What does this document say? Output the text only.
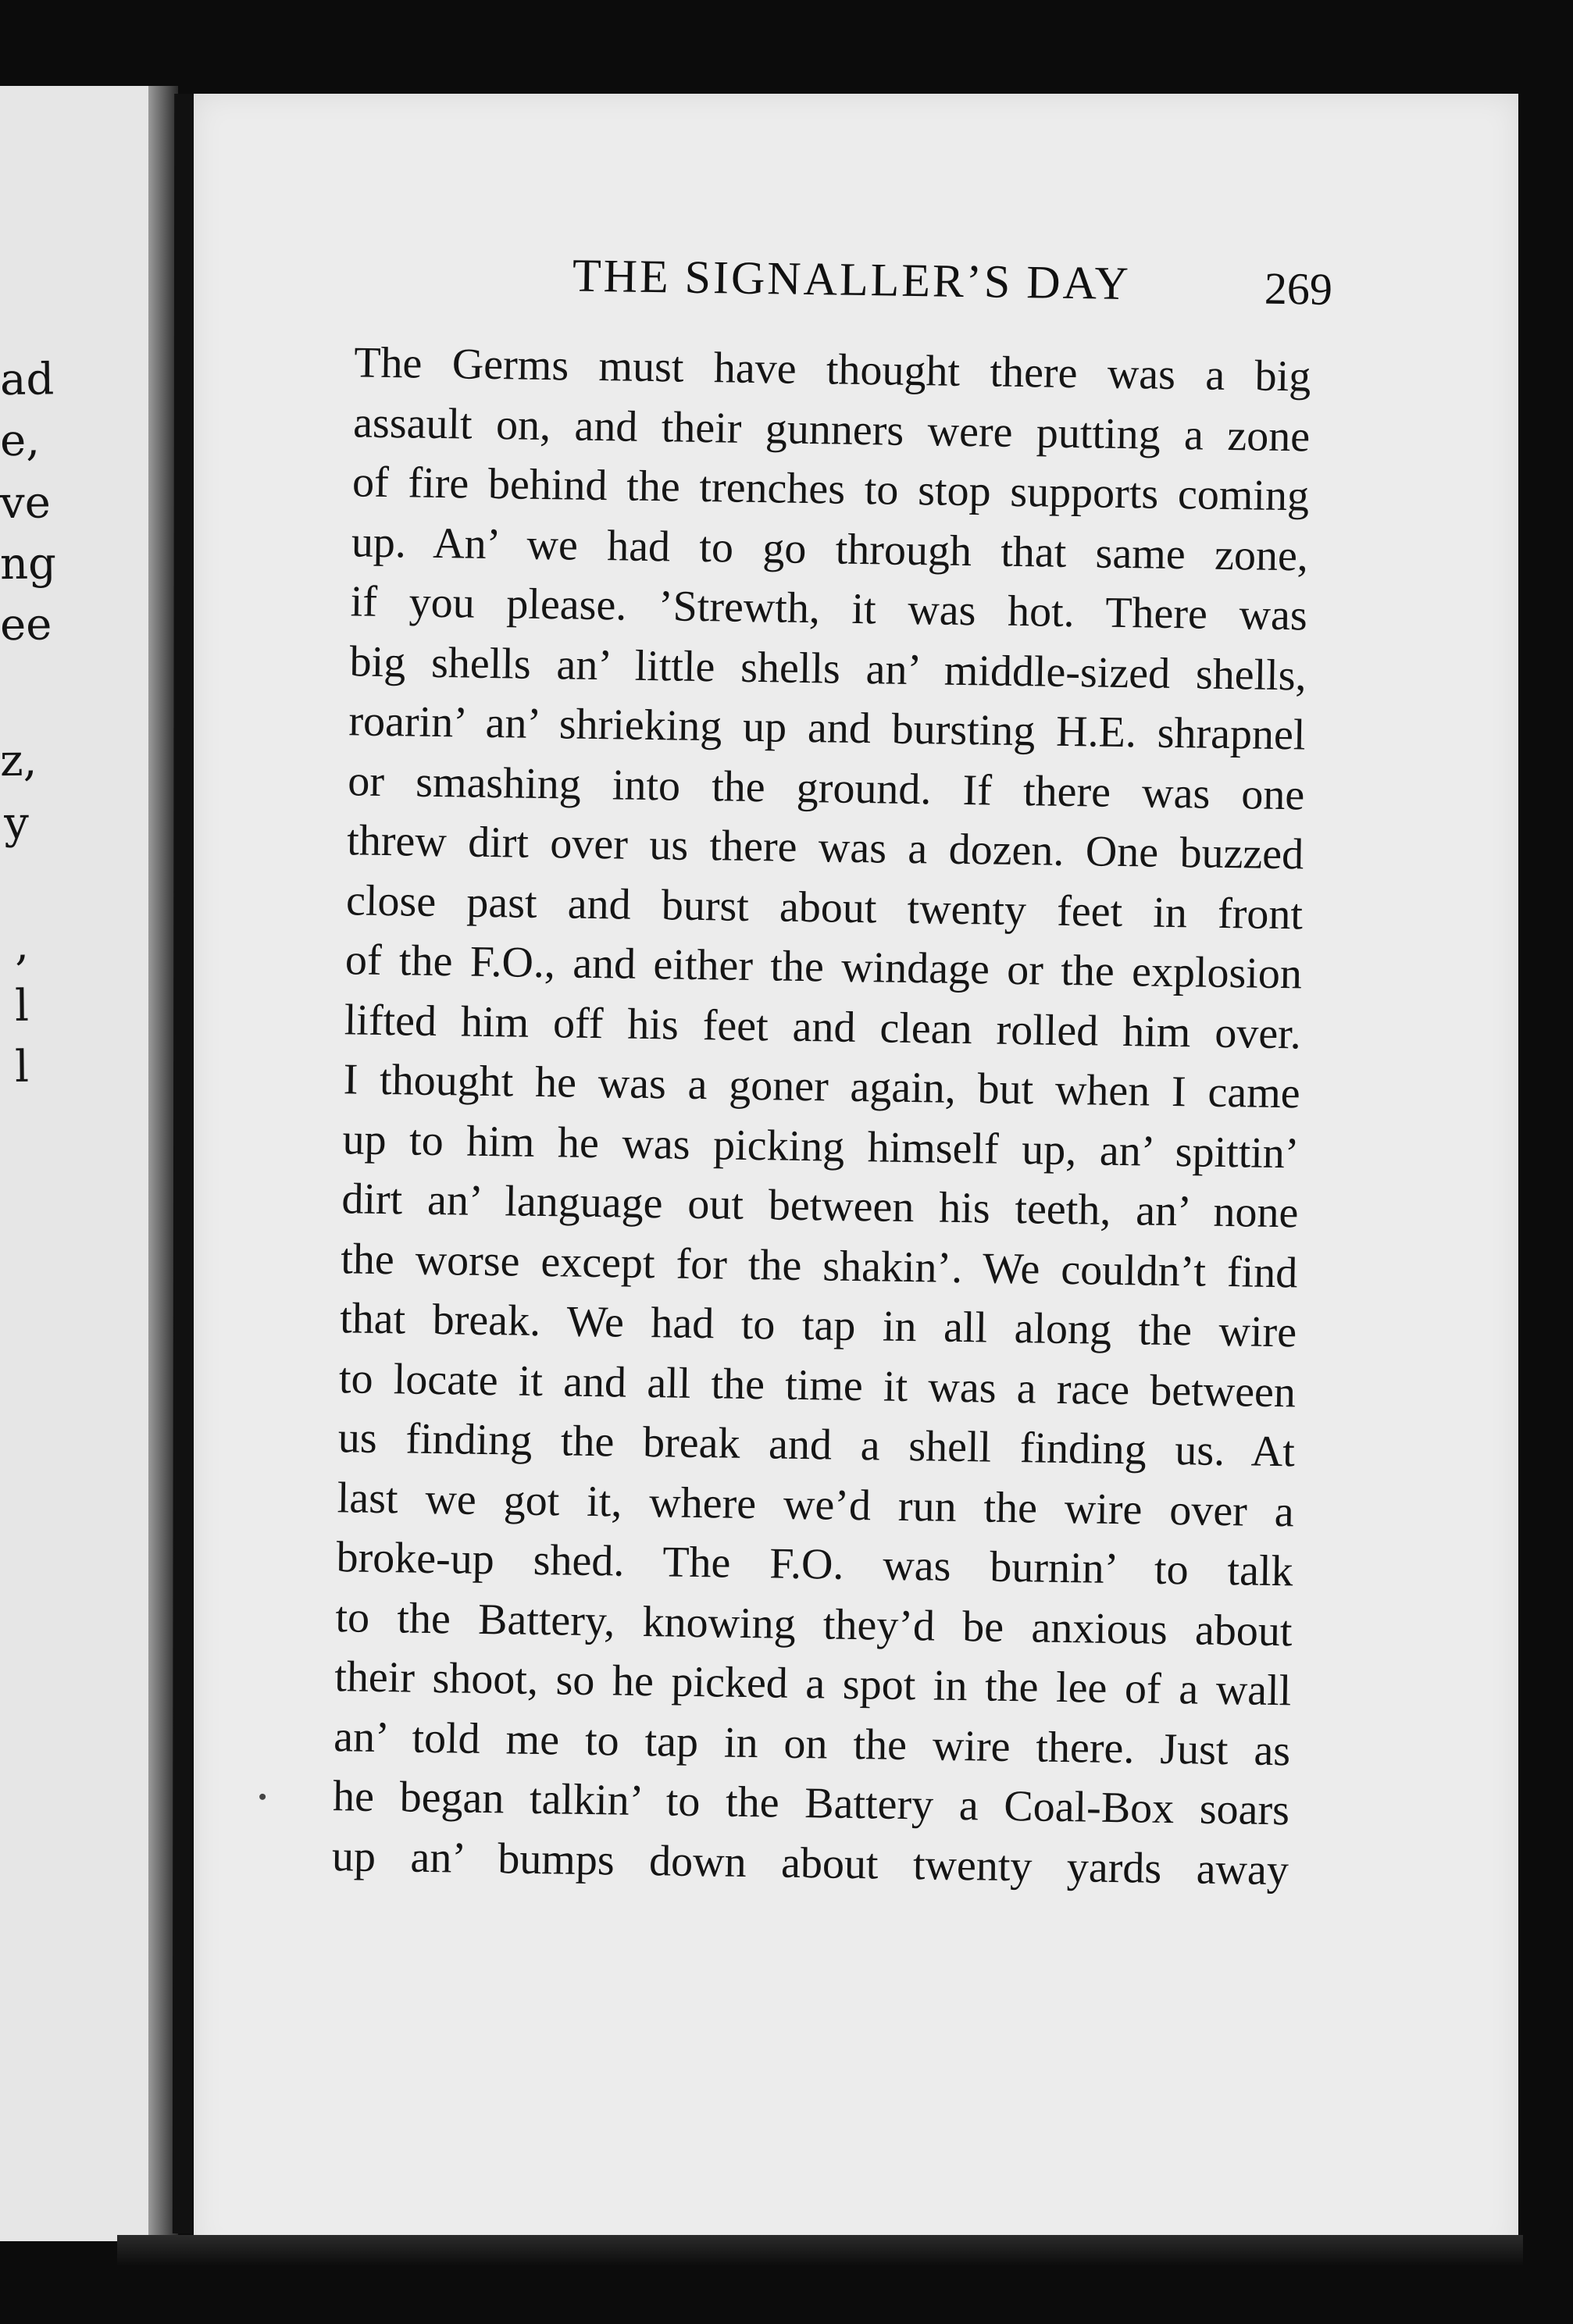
ad
e,
ve
ng
ee
z,
y
,
l
l
THE SIGNALLER’S DAY	269
The Germs must have thought there was a big
assault on, and their gunners were putting a zone
of fire behind the trenches to stop supports coming
up. An’ we had to go through that same zone,
if you please. ’Strewth, it was hot. There was
big shells an’ little shells an’ middle-sized shells,
roarin’ an’ shrieking up and bursting H.E. shrapnel
or smashing into the ground. If there was one
threw dirt over us there was a dozen. One buzzed
close past and burst about twenty feet in front
of the F.O., and either the windage or the explosion
lifted him off his feet and clean rolled him over.
I thought he was a goner again, but when I came
up to him he was picking himself up, an’ spittin’
dirt an’ language out between his teeth, an’ none
the worse except for the shakin’. We couldn’t find
that break. We had to tap in all along the wire
to locate it and all the time it was a race between
us finding the break and a shell finding us. At
last we got it, where we’d run the wire over a
broke-up shed. The F.O. was burnin’ to talk
to the Battery, knowing they’d be anxious about
their shoot, so he picked a spot in the lee of a wall
an’ told me to tap in on the wire there. Just as
he began talkin’ to the Battery a Coal-Box soars
up an’ bumps down about twenty yards away
